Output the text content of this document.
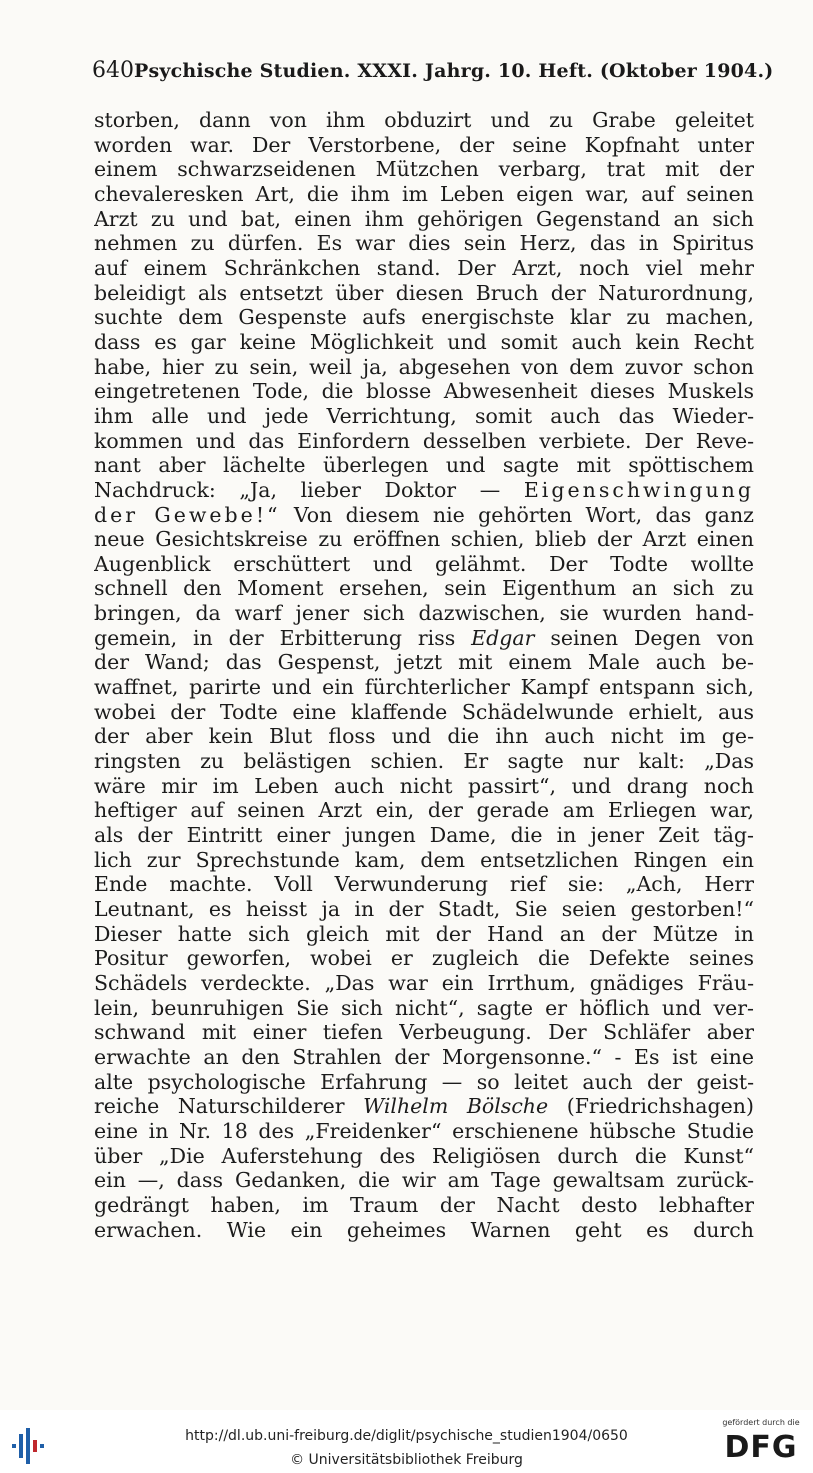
640 Psychische Studien. XXXI. Jahrg. 10. Heft. (Oktober 1904.)
storben, dann von ihm obduzirt und zu Grabe geleitet
worden war. Der Verstorbene, der seine Kopfnaht unter
einem schwarzseidenen Mützchen verbarg, trat mit der
chevaleresken Art, die ihm im Leben eigen war, auf seinen
Arzt zu und bat, einen ihm gehörigen Gegenstand an sich
nehmen zu dürfen. Es war dies sein Herz, das in Spiritus
auf einem Schränkchen stand. Der Arzt, noch viel mehr
beleidigt als entsetzt über diesen Bruch der Naturordnung,
suchte dem Gespenste aufs energischste klar zu machen,
dass es gar keine Möglichkeit und somit auch kein Recht
habe, hier zu sein, weil ja, abgesehen von dem zuvor schon
eingetretenen Tode, die blosse Abwesenheit dieses Muskels
ihm alle und jede Verrichtung, somit auch das Wieder-
kommen und das Einfordern desselben verbiete. Der Reve-
nant aber lächelte überlegen und sagte mit spöttischem
Nachdruck: „Ja, lieber Doktor — Eigenschwingung
der Gewebe!“ Von diesem nie gehörten Wort, das ganz
neue Gesichtskreise zu eröffnen schien, blieb der Arzt einen
Augenblick erschüttert und gelähmt. Der Todte wollte
schnell den Moment ersehen, sein Eigenthum an sich zu
bringen, da warf jener sich dazwischen, sie wurden hand-
gemein, in der Erbitterung riss Edgar seinen Degen von
der Wand; das Gespenst, jetzt mit einem Male auch be-
waffnet, parirte und ein fürchterlicher Kampf entspann sich,
wobei der Todte eine klaffende Schädelwunde erhielt, aus
der aber kein Blut floss und die ihn auch nicht im ge-
ringsten zu belästigen schien. Er sagte nur kalt: „Das
wäre mir im Leben auch nicht passirt“, und drang noch
heftiger auf seinen Arzt ein, der gerade am Erliegen war,
als der Eintritt einer jungen Dame, die in jener Zeit täg-
lich zur Sprechstunde kam, dem entsetzlichen Ringen ein
Ende machte. Voll Verwunderung rief sie: „Ach, Herr
Leutnant, es heisst ja in der Stadt, Sie seien gestorben!“
Dieser hatte sich gleich mit der Hand an der Mütze in
Positur geworfen, wobei er zugleich die Defekte seines
Schädels verdeckte. „Das war ein Irrthum, gnädiges Fräu-
lein, beunruhigen Sie sich nicht“, sagte er höflich und ver-
schwand mit einer tiefen Verbeugung. Der Schläfer aber
erwachte an den Strahlen der Morgensonne.“ - Es ist eine
alte psychologische Erfahrung — so leitet auch der geist-
reiche Naturschilderer Wilhelm Bölsche (Friedrichshagen)
eine in Nr. 18 des „Freidenker“ erschienene hübsche Studie
über „Die Auferstehung des Religiösen durch die Kunst“
ein —, dass Gedanken, die wir am Tage gewaltsam zurück-
gedrängt haben, im Traum der Nacht desto lebhafter
erwachen. Wie ein geheimes Warnen geht es durch
http://dl.ub.uni-freiburg.de/diglit/psychische_studien1904/0650
© Universitätsbibliothek Freiburg
gefördert durch die
DFG
